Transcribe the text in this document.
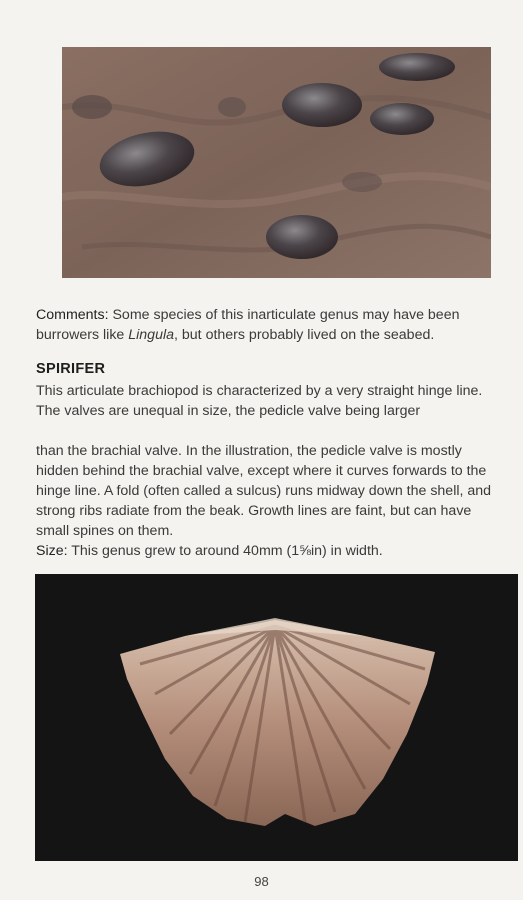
Comments: Some species of this inarticulate genus may have been burrowers like Lingula, but others probably lived on the seabed.
SPIRIFER
This articulate brachiopod is characterized by a very straight hinge line. The valves are unequal in size, the pedicle valve being larger
than the brachial valve. In the illustration, the pedicle valve is mostly hidden behind the brachial valve, except where it curves forwards to the hinge line. A fold (often called a sulcus) runs midway down the shell, and strong ribs radiate from the beak. Growth lines are faint, but can have small spines on them.
Size: This genus grew to around 40mm (1⅝in) in width.
98
